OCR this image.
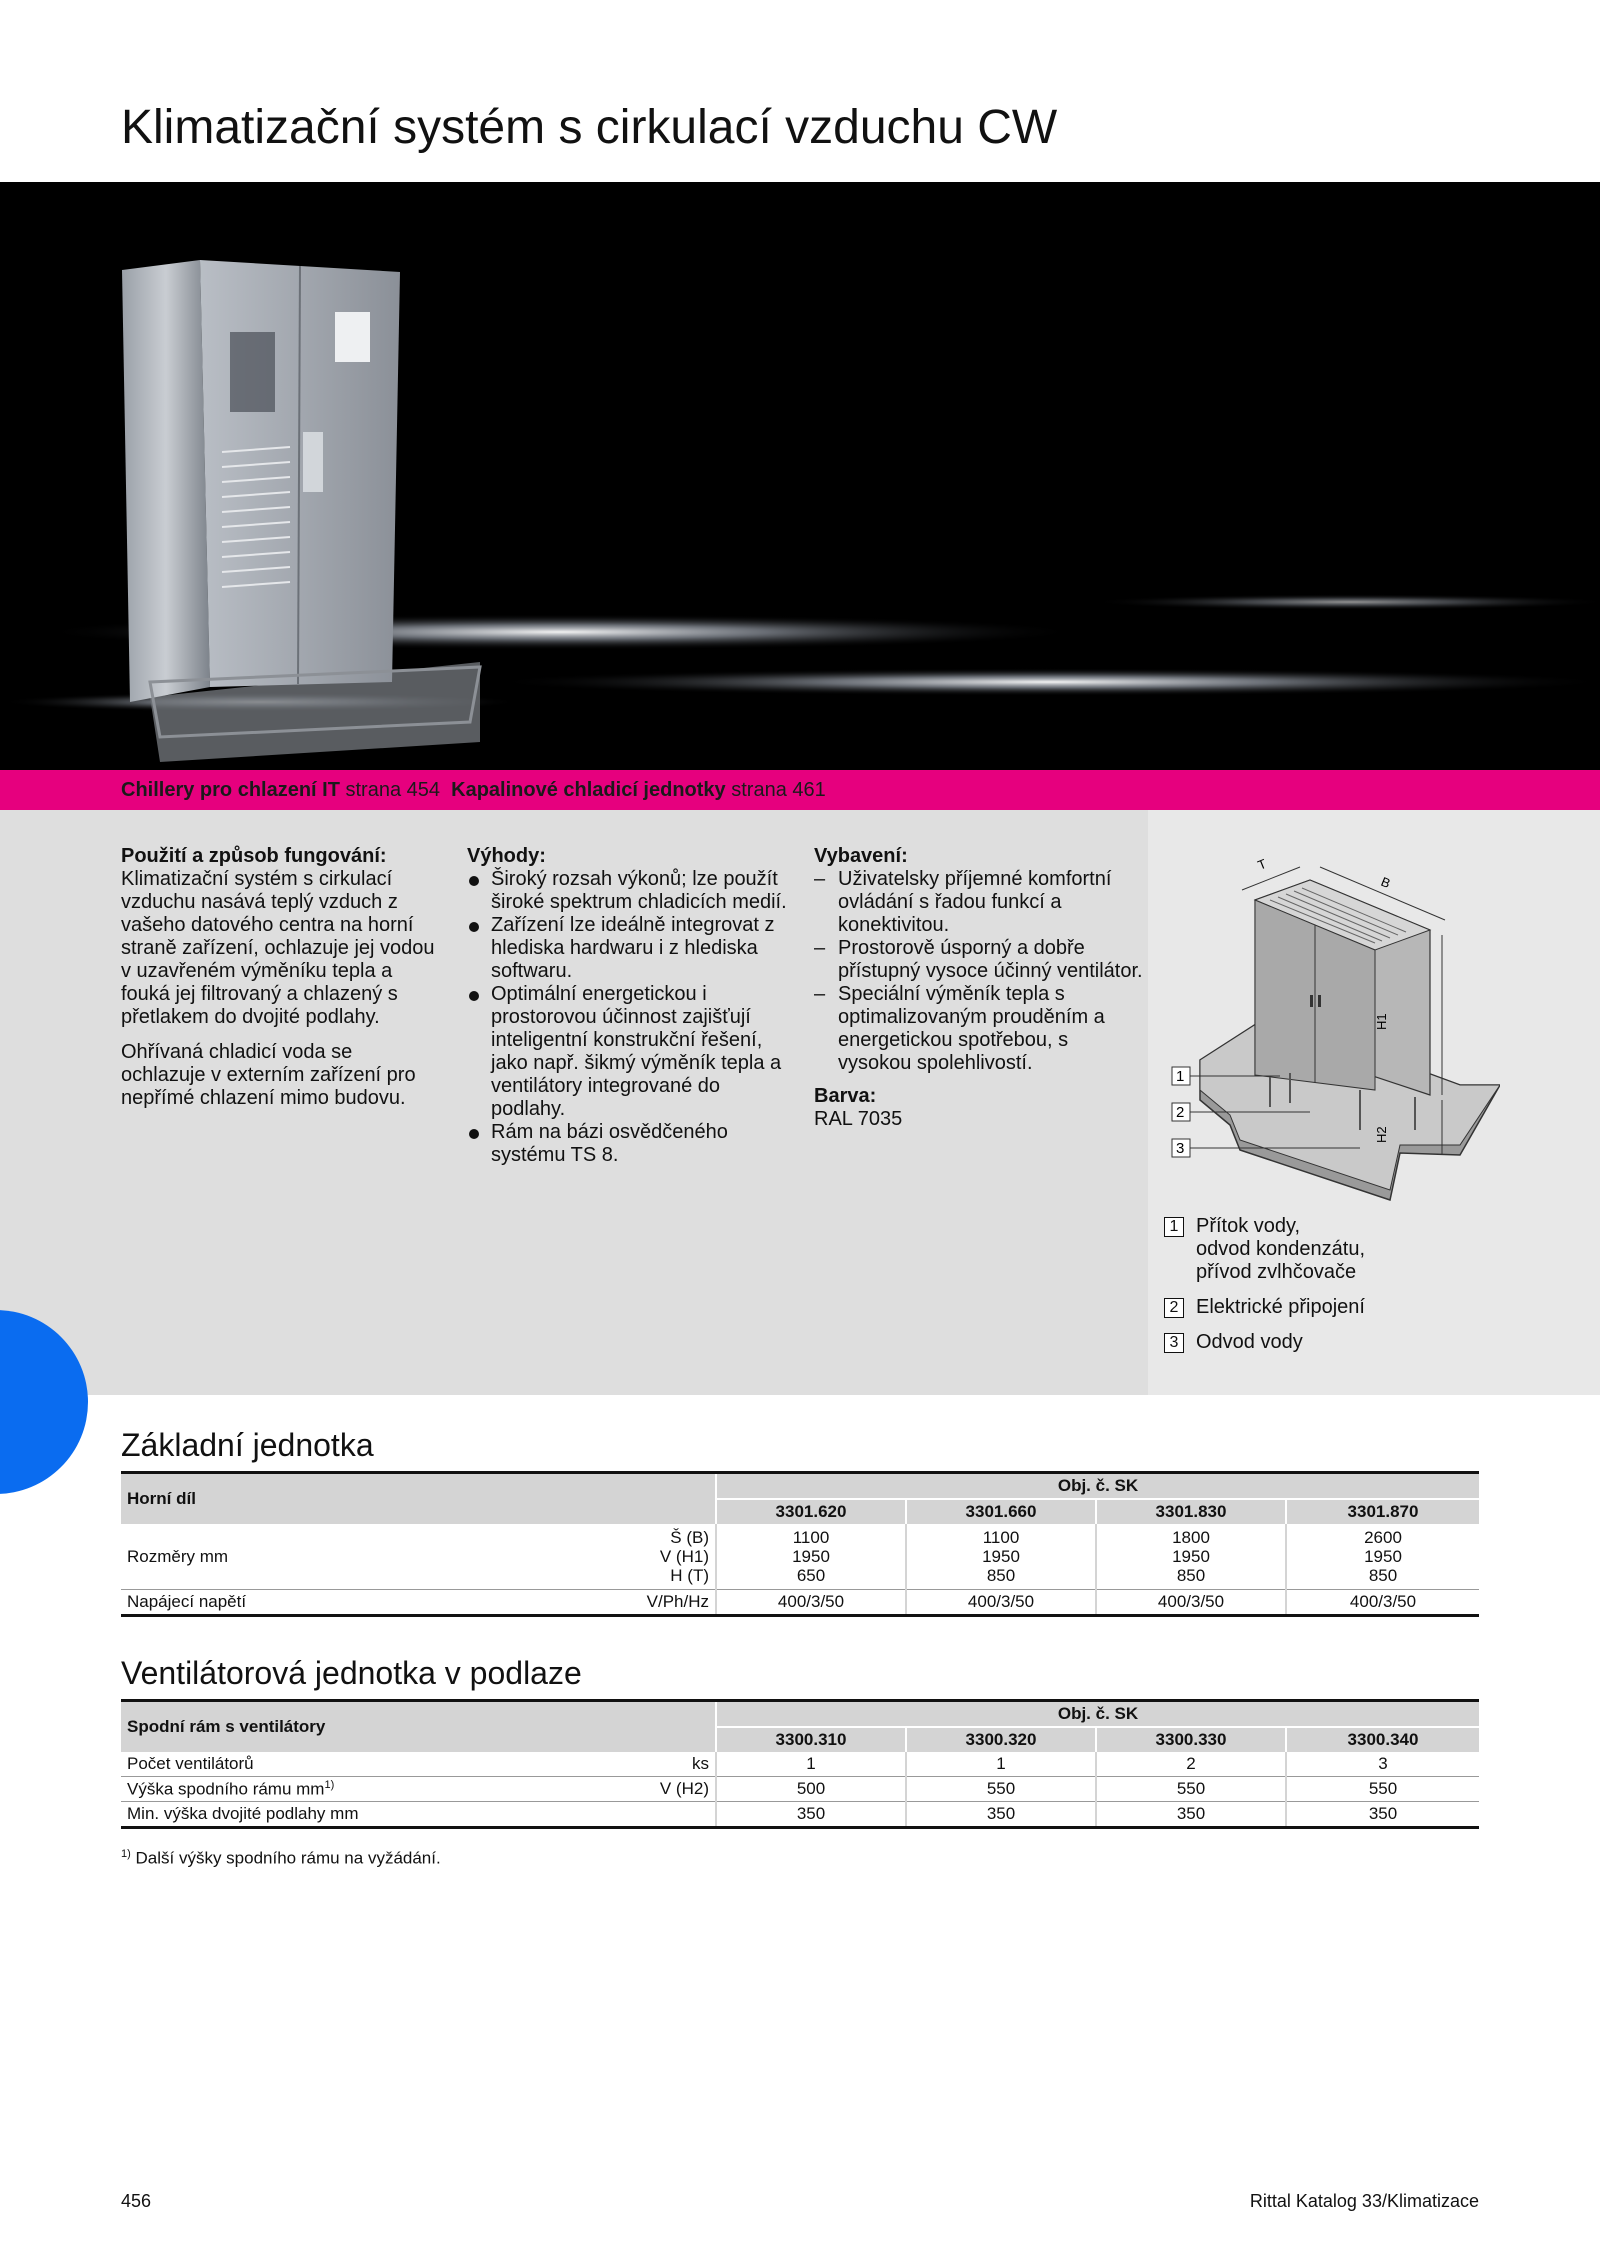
Klimatizační systém s cirkulací vzduchu CW
Chillery pro chlazení IT strana 454 Kapalinové chladicí jednotky strana 461

Použití a způsob fungování:

Klimatizační systém s cirkulací vzduchu nasává teplý vzduch z vašeho datového centra na horní straně zařízení, ochlazuje jej vodou v uzavřeném výměníku tepla a fouká jej filtrovaný a chlazený s přetlakem do dvojité podlahy.

Ohřívaná chladicí voda se ochlazuje v externím zařízení pro nepřímé chlazení mimo budovu.

Výhody:

Široký rozsah výkonů; lze použít široké spektrum chladicích medií.
Zařízení lze ideálně integrovat z hlediska hardwaru i z hlediska softwaru.
Optimální energetickou i prostorovou účinnost zajišťují inteligentní konstrukční řešení, jako např. šikmý výměník tepla a ventilátory integrované do podlahy.
Rám na bázi osvědčeného systému TS 8.

Vybavení:

– Uživatelsky příjemné komfortní ovládání s řadou funkcí a konektivitou.
– Prostorově úsporný a dobře přístupný vysoce účinný ventilátor.
– Speciální výměník tepla s optimalizovaným prouděním a energetickou spotřebou, s vysokou spolehlivostí.

Barva:

RAL 7035

T
B
H1
H2
1
2
3
1 Přítok vody,
odvod kondenzátu,
přívod zvlhčovače
2 Elektrické připojení
3 Odvod vody
Základní jednotka
Horní díl	Obj. č. SK			
	3301.620	3301.660	3301.830	3301.870

Rozměry mm
Š (B)
V (H1)
H (T)	1100
1950
650	1100
1950
850	1800
1950
850	2600
1950
850

Napájecí napětí V/Ph/Hz	400/3/50	400/3/50	400/3/50	400/3/50
Ventilátorová jednotka v podlaze
Spodní rám s ventilátory	Obj. č. SK			
	3300.310	3300.320	3300.330	3300.340

Počet ventilátorů ks	1	1	2	3

Výška spodního rámu $mm^{1)}$ V (H2)	500	550	550	550
Min. výška dvojité podlahy mm	350	350	350	350
$^{1)}$ Další výšky spodního rámu na vyžádání.
456	Rittal Katalog 33/Klimatizace
